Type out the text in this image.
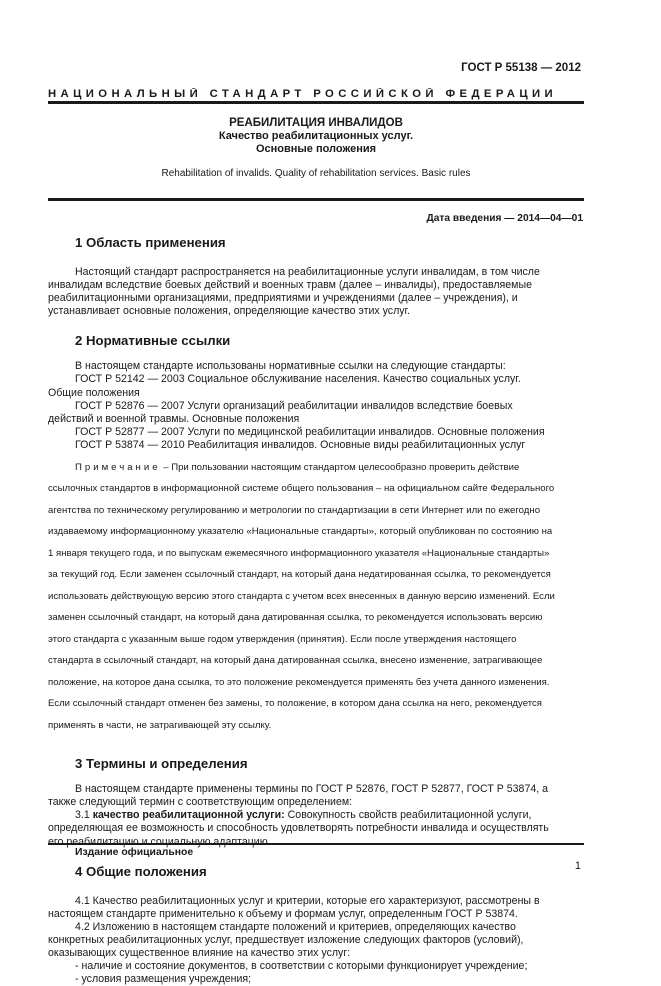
ГОСТ Р 55138 — 2012
НАЦИОНАЛЬНЫЙ СТАНДАРТ РОССИЙСКОЙ ФЕДЕРАЦИИ
РЕАБИЛИТАЦИЯ ИНВАЛИДОВ
Качество реабилитационных услуг.
Основные положения
Rehabilitation of invalids. Quality of rehabilitation services. Basic rules
Дата введения — 2014—04—01
1 Область применения

Настоящий стандарт распространяется на реабилитационные услуги инвалидам, в том числе

инвалидам вследствие боевых действий и военных травм (далее – инвалиды), предоставляемые

реабилитационными организациями, предприятиями и учреждениями (далее – учреждения), и

устанавливает основные положения, определяющие качество этих услуг.

2 Нормативные ссылки

В настоящем стандарте использованы нормативные ссылки на следующие стандарты:

ГОСТ Р 52142 — 2003 Социальное обслуживание населения. Качество социальных услуг.

Общие положения

ГОСТ Р 52876 — 2007 Услуги организаций реабилитации инвалидов вследствие боевых

действий и военной травмы. Основные положения

ГОСТ Р 52877 — 2007 Услуги по медицинской реабилитации инвалидов. Основные положения

ГОСТ Р 53874 — 2010 Реабилитация инвалидов. Основные виды реабилитационных услуг

Примечание – При пользовании настоящим стандартом целесообразно проверить действие

ссылочных стандартов в информационной системе общего пользования – на официальном сайте Федерального

агентства по техническому регулированию и метрологии по стандартизации в сети Интернет или по ежегодно

издаваемому информационному указателю «Национальные стандарты», который опубликован по состоянию на

1 января текущего года, и по выпускам ежемесячного информационного указателя «Национальные стандарты»

за текущий год. Если заменен ссылочный стандарт, на который дана недатированная ссылка, то рекомендуется

использовать действующую версию этого стандарта с учетом всех внесенных в данную версию изменений. Если

заменен ссылочный стандарт, на который дана датированная ссылка, то рекомендуется использовать версию

этого стандарта с указанным выше годом утверждения (принятия). Если после утверждения настоящего

стандарта в ссылочный стандарт, на который дана датированная ссылка, внесено изменение, затрагивающее

положение, на которое дана ссылка, то это положение рекомендуется применять без учета данного изменения.

Если ссылочный стандарт отменен без замены, то положение, в котором дана ссылка на него, рекомендуется

применять в части, не затрагивающей эту ссылку.

3 Термины и определения

В настоящем стандарте применены термины по ГОСТ Р 52876, ГОСТ Р 52877, ГОСТ Р 53874, а

также следующий термин с соответствующим определением:

3.1 качество реабилитационной услуги: Совокупность свойств реабилитационной услуги,

определяющая ее возможность и способность удовлетворять потребности инвалида и осуществлять

его реабилитацию и социальную адаптацию.

4 Общие положения

4.1 Качество реабилитационных услуг и критерии, которые его характеризуют, рассмотрены в

настоящем стандарте применительно к объему и формам услуг, определенным ГОСТ Р 53874.

4.2 Изложению в настоящем стандарте положений и критериев, определяющих качество

конкретных реабилитационных услуг, предшествует изложение следующих факторов (условий),

оказывающих существенное влияние на качество этих услуг:

- наличие и состояние документов, в соответствии с которыми функционирует учреждение;

- условия размещения учреждения;

Издание официальное
1
